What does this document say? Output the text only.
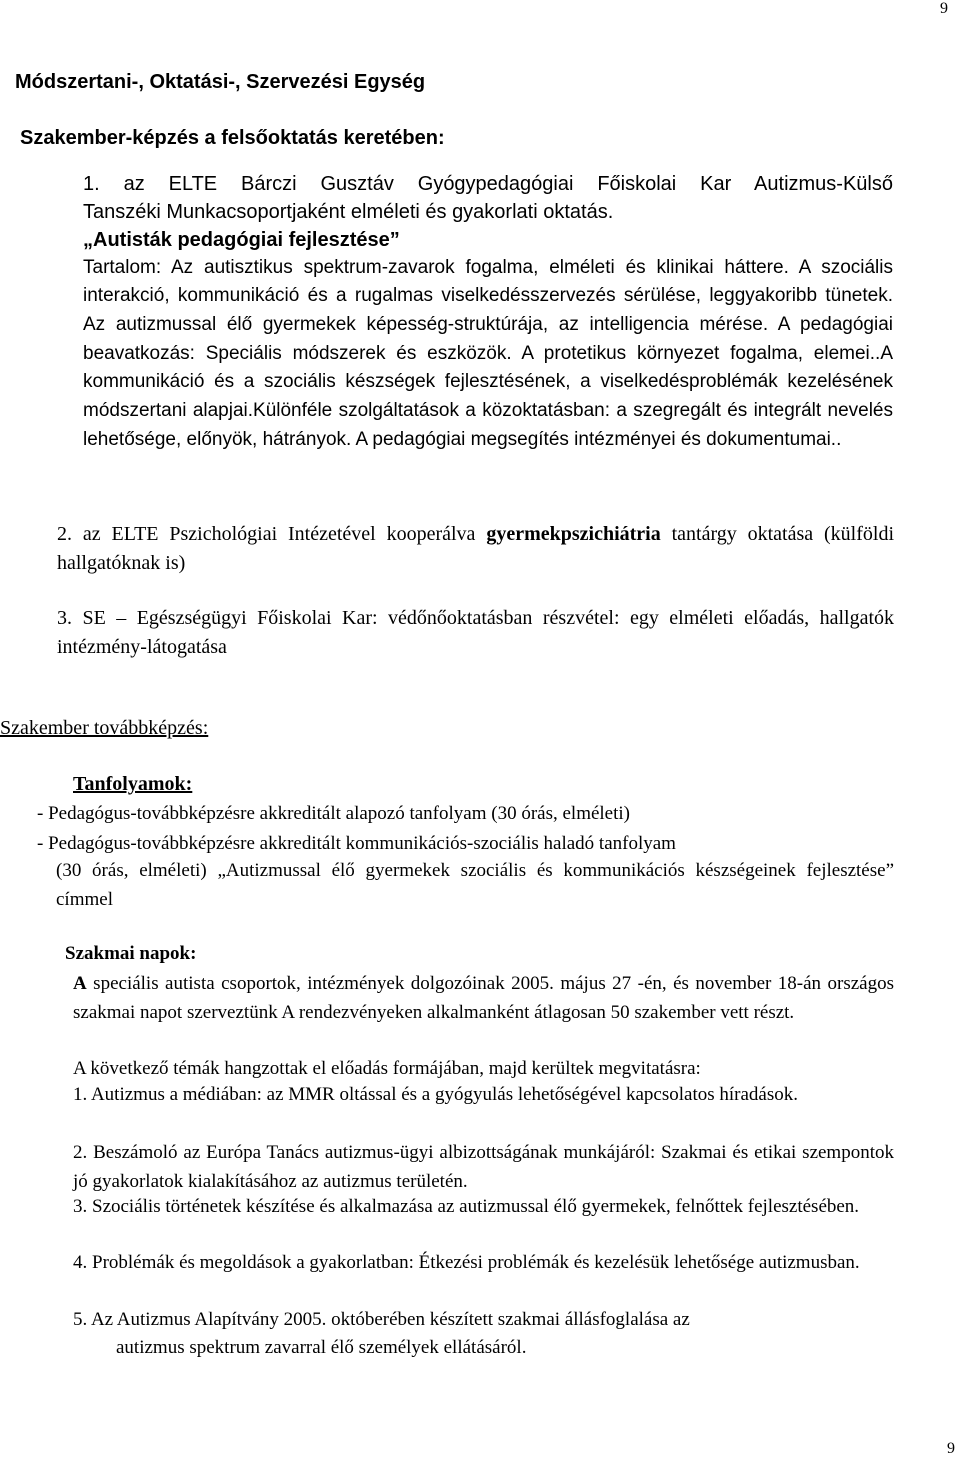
9
Módszertani-, Oktatási-, Szervezési Egység
Szakember-képzés a felsőoktatás keretében:
1. az ELTE Bárczi Gusztáv Gyógypedagógiai Főiskolai Kar Autizmus-Külső
Tanszéki Munkacsoportjaként elméleti és gyakorlati oktatás.
„Autisták pedagógiai fejlesztése”
Tartalom: Az autisztikus spektrum-zavarok fogalma, elméleti és klinikai háttere. A szociális interakció, kommunikáció és a rugalmas viselkedésszervezés sérülése, leggyakoribb tünetek. Az autizmussal élő gyermekek képesség-struktúrája, az intelligencia mérése. A pedagógiai beavatkozás: Speciális módszerek és eszközök. A protetikus környezet fogalma, elemei..A kommunikáció és a szociális készségek fejlesztésének, a viselkedésproblémák kezelésének módszertani alapjai.Különféle szolgáltatások a közoktatásban: a szegregált és integrált nevelés lehetősége, előnyök, hátrányok. A pedagógiai megsegítés intézményei és dokumentumai..
2. az ELTE Pszichológiai Intézetével kooperálva gyermekpszichiátria tantárgy oktatása (külföldi hallgatóknak is)
3. SE – Egészségügyi Főiskolai Kar: védőnőoktatásban részvétel: egy elméleti előadás, hallgatók intézmény-látogatása
Szakember továbbképzés:
Tanfolyamok:
- Pedagógus-továbbképzésre akkreditált alapozó tanfolyam (30 órás, elméleti)
- Pedagógus-továbbképzésre akkreditált kommunikációs-szociális haladó tanfolyam
(30 órás, elméleti) „Autizmussal élő gyermekek szociális és kommunikációs készségeinek fejlesztése” címmel
Szakmai napok:
A speciális autista csoportok, intézmények dolgozóinak 2005. május 27 -én, és november 18-án országos szakmai napot szerveztünk A rendezvényeken alkalmanként átlagosan 50 szakember vett részt.
A következő témák hangzottak el előadás formájában, majd kerültek megvitatásra:
1. Autizmus a médiában: az MMR oltással és a gyógyulás lehetőségével kapcsolatos híradások.
2. Beszámoló az Európa Tanács autizmus-ügyi albizottságának munkájáról: Szakmai és etikai szempontok jó gyakorlatok kialakításához az autizmus területén.
3. Szociális történetek készítése és alkalmazása az autizmussal élő gyermekek, felnőttek fejlesztésében.
4. Problémák és megoldások a gyakorlatban: Étkezési problémák és kezelésük lehetősége autizmusban.
5. Az Autizmus Alapítvány 2005. októberében készített szakmai állásfoglalása az
autizmus spektrum zavarral élő személyek ellátásáról.
9
